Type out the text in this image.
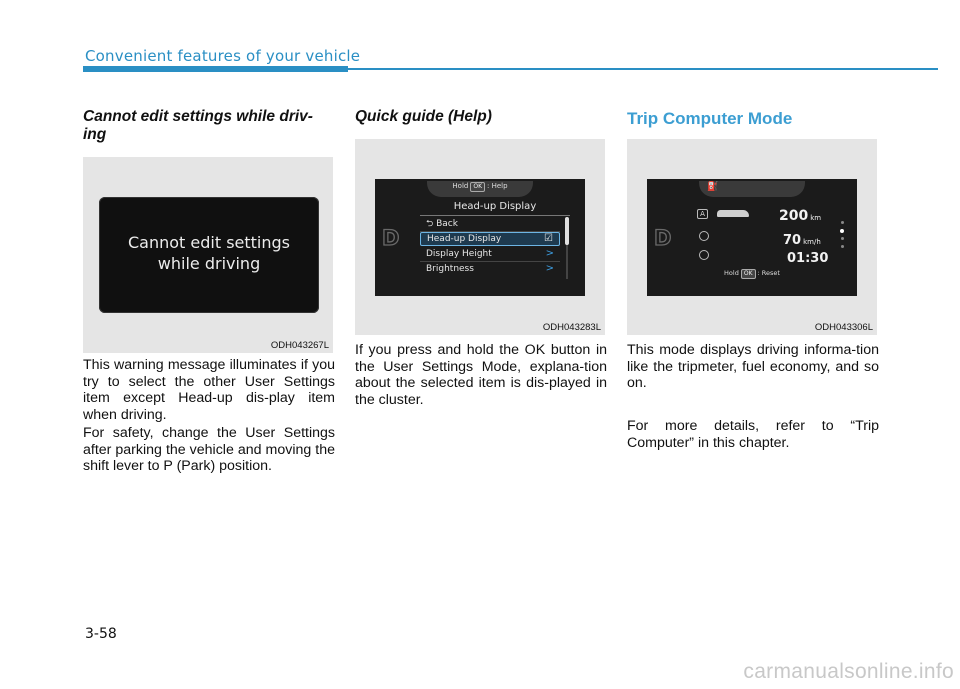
Convenient features of your vehicle
Cannot edit settings while driv-ing
Cannot edit settings
while driving
ODH043267L
This warning message illuminates if you try to select the other User Settings item except Head-up dis-play item when driving.
For safety, change the User Settings after parking the vehicle and moving the shift lever to P (Park) position.
Quick guide (Help)
Hold OK : Help
D
Head-up Display
⮌ Back
Head-up Display	☑
Display Height	>
Brightness	>
ODH043283L
If you press and hold the OK button in the User Settings Mode, explana-tion about the selected item is dis-played in the cluster.
Trip Computer Mode
⛽
D
A	200 km
70 km/h
01:30
Hold OK : Reset
ODH043306L
This mode displays driving informa-tion like the tripmeter, fuel economy, and so on.
For more details, refer to “Trip Computer” in this chapter.
3-58
carmanualsonline.info
